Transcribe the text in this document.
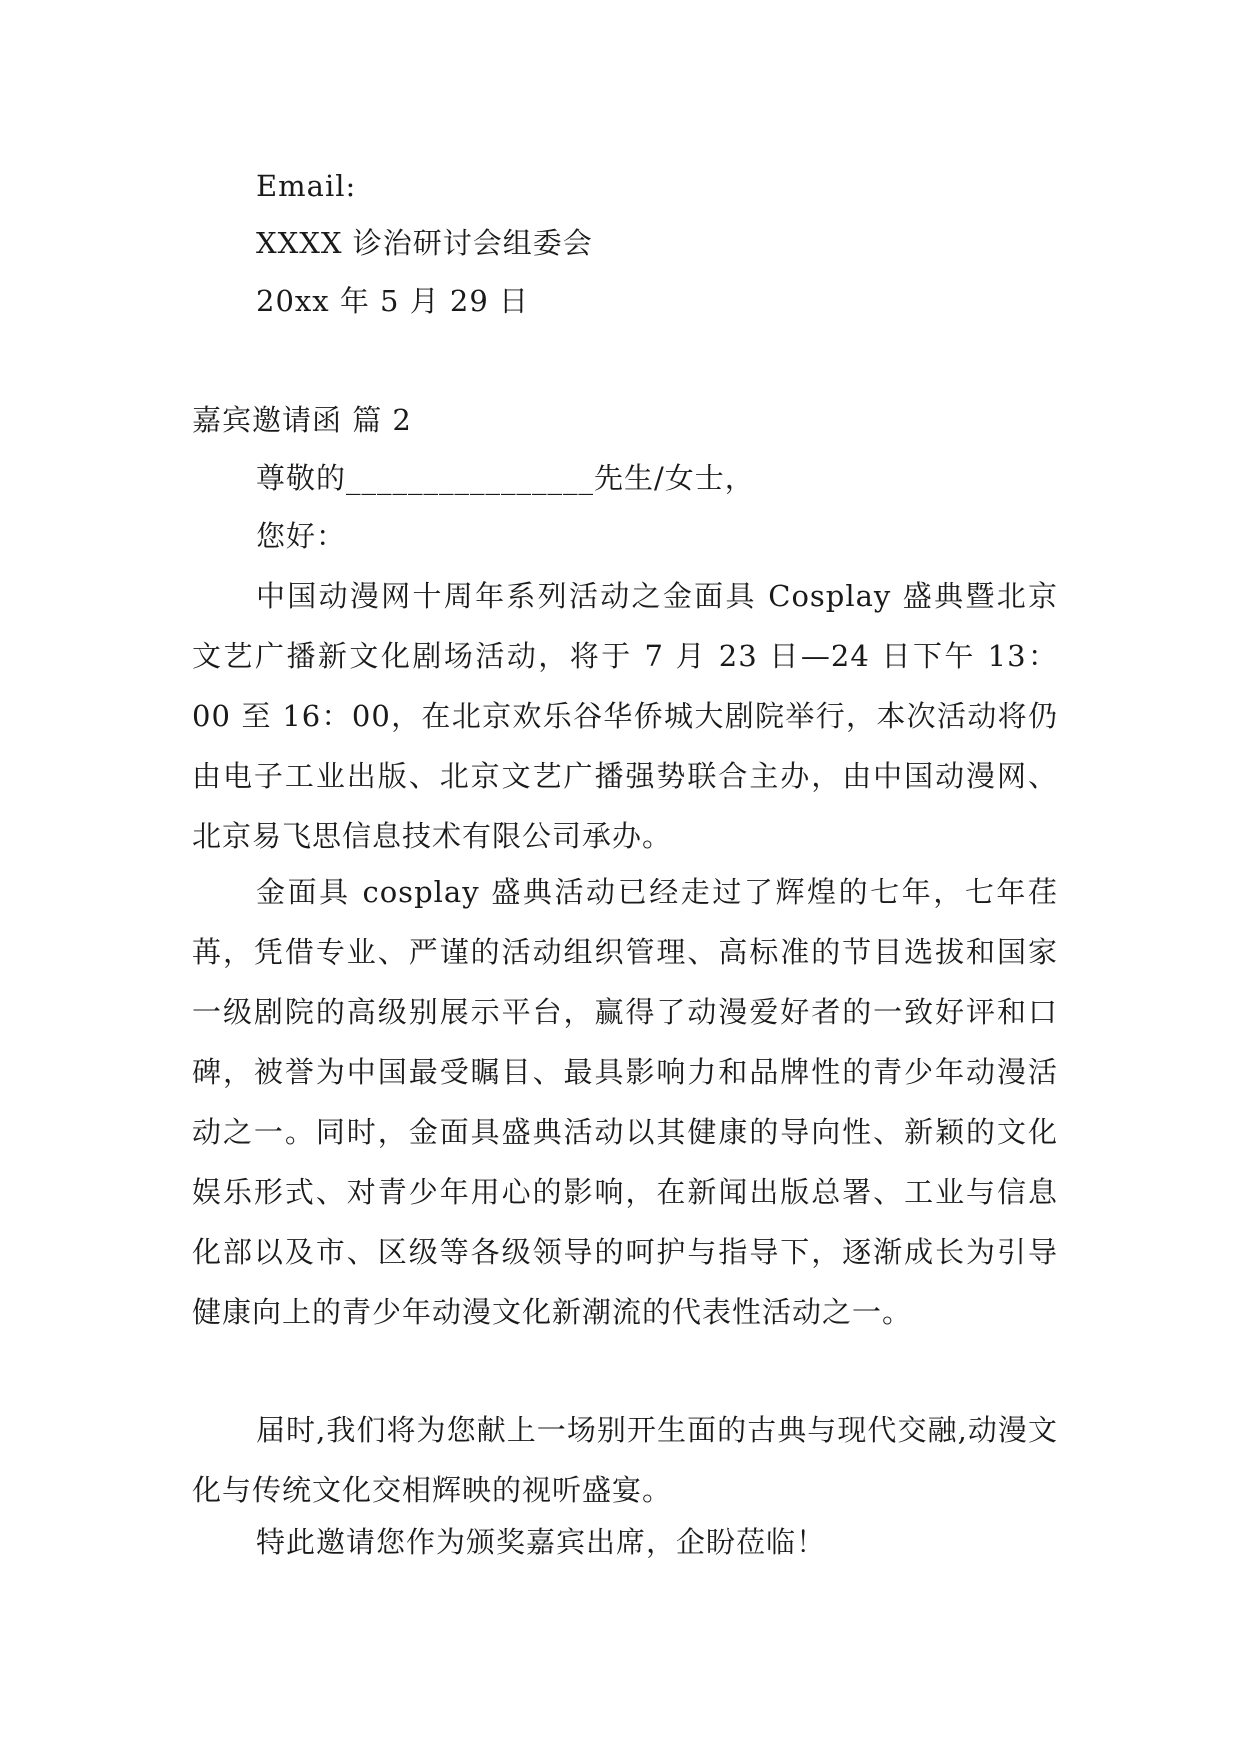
Email:
XXXX 诊治研讨会组委会
20xx 年 5 月 29 日
嘉宾邀请函 篇 2
尊敬的________________先生/女士，
您好：
中国动漫网十周年系列活动之金面具 Cosplay 盛典暨北京文艺广播新文化剧场活动，将于 7 月 23 日—24 日下午 13：00 至 16：00，在北京欢乐谷华侨城大剧院举行，本次活动将仍由电子工业出版、北京文艺广播强势联合主办，由中国动漫网、北京易飞思信息技术有限公司承办。
金面具 cosplay 盛典活动已经走过了辉煌的七年，七年荏苒，凭借专业、严谨的活动组织管理、高标准的节目选拔和国家一级剧院的高级别展示平台，赢得了动漫爱好者的一致好评和口碑，被誉为中国最受瞩目、最具影响力和品牌性的青少年动漫活动之一。同时，金面具盛典活动以其健康的导向性、新颖的文化娱乐形式、对青少年用心的影响，在新闻出版总署、工业与信息化部以及市、区级等各级领导的呵护与指导下，逐渐成长为引导健康向上的青少年动漫文化新潮流的代表性活动之一。
届时,我们将为您献上一场别开生面的古典与现代交融,动漫文化与传统文化交相辉映的视听盛宴。
特此邀请您作为颁奖嘉宾出席，企盼莅临！
